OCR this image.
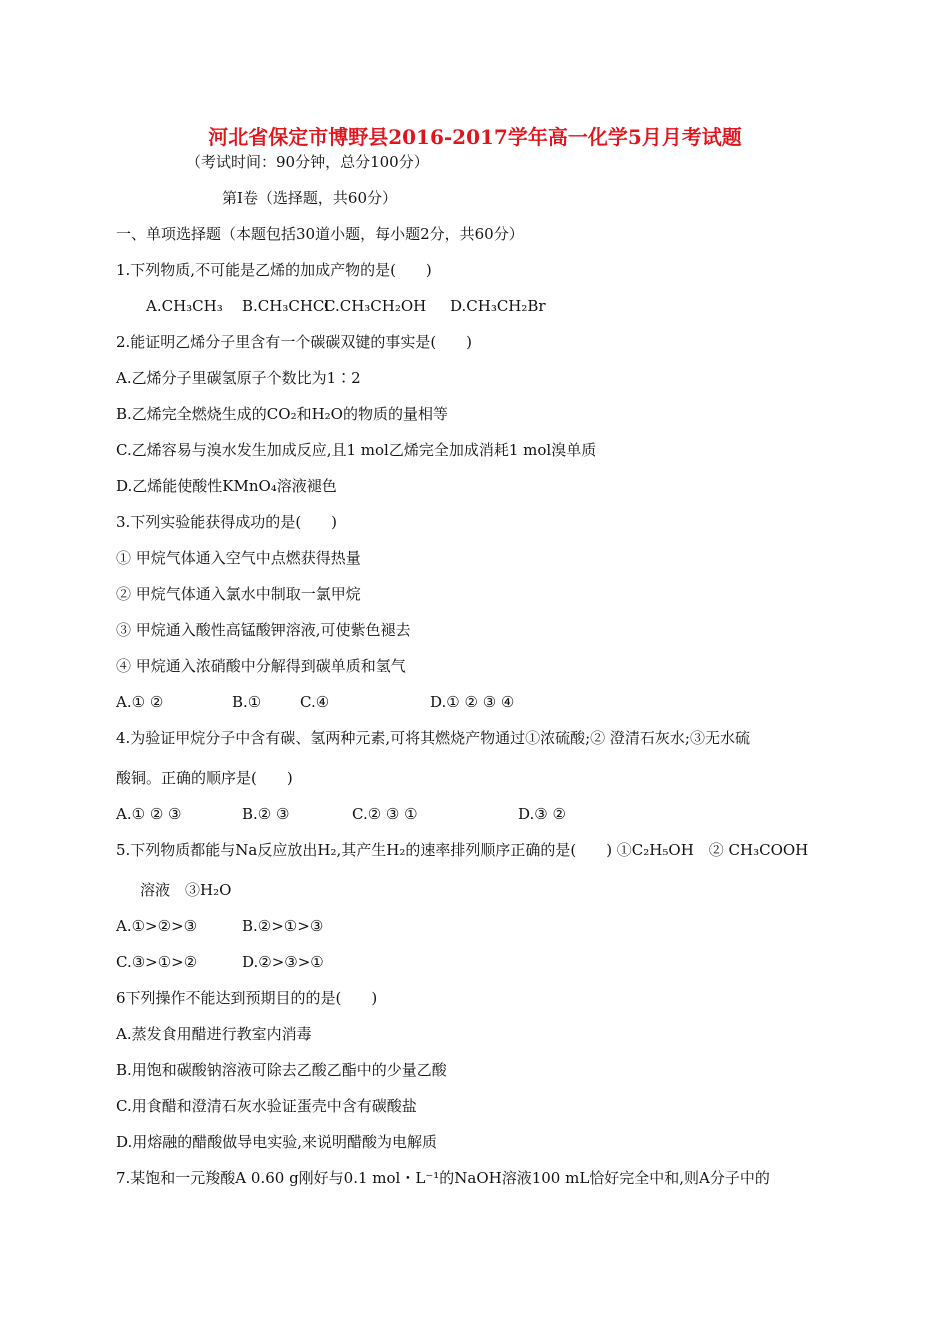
河北省保定市博野县2016-2017学年高一化学5月月考试题
（考试时间：90分钟，总分100分）
第Ⅰ卷（选择题，共60分）
一、单项选择题（本题包括30道小题，每小题2分，共60分）
1.下列物质,不可能是乙烯的加成产物的是(　　)
A.CH₃CH₃ B.CH₃CHClC.CH₃CH₂OH D.CH₃CH₂Br
2.能证明乙烯分子里含有一个碳碳双键的事实是(　　)
A.乙烯分子里碳氢原子个数比为1∶2
B.乙烯完全燃烧生成的CO₂和H₂O的物质的量相等
C.乙烯容易与溴水发生加成反应,且1 mol乙烯完全加成消耗1 mol溴单质
D.乙烯能使酸性KMnO₄溶液褪色
3.下列实验能获得成功的是(　　)
① 甲烷气体通入空气中点燃获得热量
② 甲烷气体通入氯水中制取一氯甲烷
③ 甲烷通入酸性高锰酸钾溶液,可使紫色褪去
④ 甲烷通入浓硝酸中分解得到碳单质和氢气
A.① ②	B.①	C.④	D.① ② ③ ④
4.为验证甲烷分子中含有碳、氢两种元素,可将其燃烧产物通过①浓硫酸;② 澄清石灰水;③无水硫
酸铜。正确的顺序是(　　)
A.① ② ③	B.② ③	C.② ③ ①	D.③ ②
5.下列物质都能与Na反应放出H₂,其产生H₂的速率排列顺序正确的是(　　) ①C₂H₅OH　② CH₃COOH
溶液　③H₂O
A.①>②>③	B.②>①>③
C.③>①>②	D.②>③>①
6下列操作不能达到预期目的的是(　　)
A.蒸发食用醋进行教室内消毒
B.用饱和碳酸钠溶液可除去乙酸乙酯中的少量乙酸
C.用食醋和澄清石灰水验证蛋壳中含有碳酸盐
D.用熔融的醋酸做导电实验,来说明醋酸为电解质
7.某饱和一元羧酸A 0.60 g刚好与0.1 mol・L⁻¹的NaOH溶液100 mL恰好完全中和,则A分子中的
